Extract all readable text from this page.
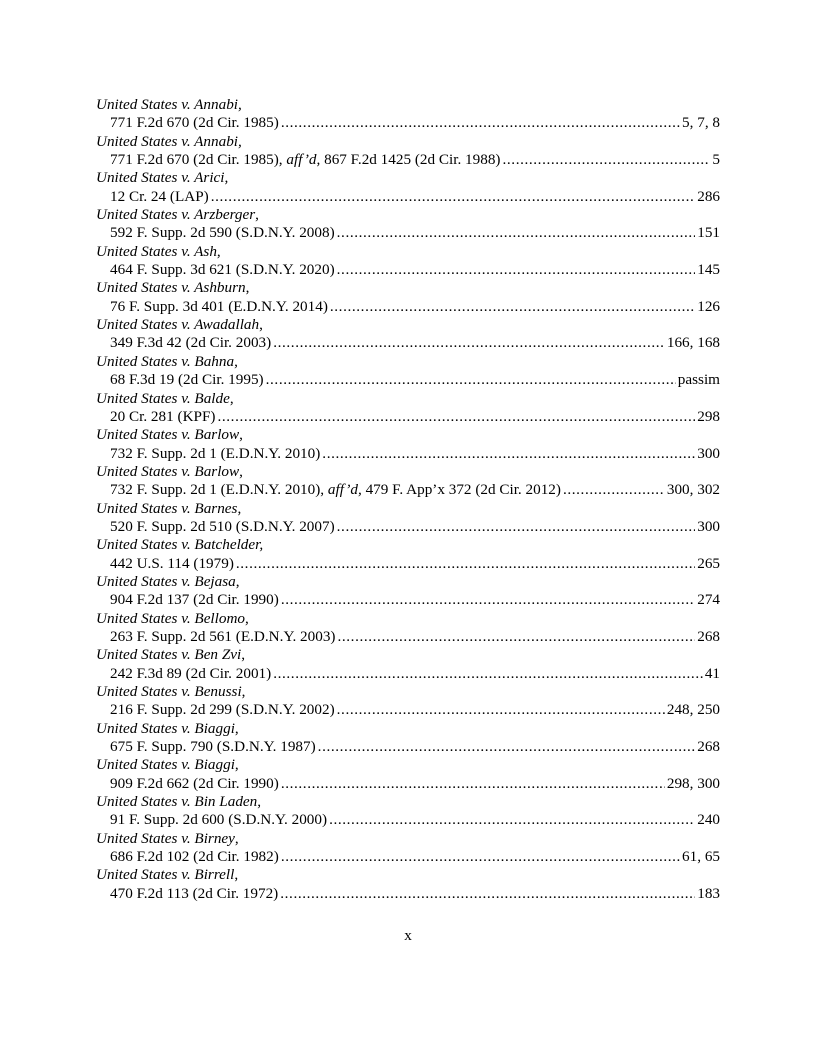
United States v. Annabi,
771 F.2d 670 (2d Cir. 1985) .....	5, 7, 8
United States v. Annabi,
771 F.2d 670 (2d Cir. 1985), aff’d, 867 F.2d 1425 (2d Cir. 1988) .....	5
United States v. Arici,
12 Cr. 24 (LAP) .....	286
United States v. Arzberger,
592 F. Supp. 2d 590 (S.D.N.Y. 2008) .....	151
United States v. Ash,
464 F. Supp. 3d 621 (S.D.N.Y. 2020) .....	145
United States v. Ashburn,
76 F. Supp. 3d 401 (E.D.N.Y. 2014) .....	126
United States v. Awadallah,
349 F.3d 42 (2d Cir. 2003) .....	166, 168
United States v. Bahna,
68 F.3d 19 (2d Cir. 1995) .....	passim
United States v. Balde,
20 Cr. 281 (KPF) .....	298
United States v. Barlow,
732 F. Supp. 2d 1 (E.D.N.Y. 2010) .....	300
United States v. Barlow,
732 F. Supp. 2d 1 (E.D.N.Y. 2010), aff’d, 479 F. App’x 372 (2d Cir. 2012) .....	300, 302
United States v. Barnes,
520 F. Supp. 2d 510 (S.D.N.Y. 2007) .....	300
United States v. Batchelder,
442 U.S. 114 (1979) .....	265
United States v. Bejasa,
904 F.2d 137 (2d Cir. 1990) .....	274
United States v. Bellomo,
263 F. Supp. 2d 561 (E.D.N.Y. 2003) .....	268
United States v. Ben Zvi,
242 F.3d 89 (2d Cir. 2001) .....	41
United States v. Benussi,
216 F. Supp. 2d 299 (S.D.N.Y. 2002) .....	248, 250
United States v. Biaggi,
675 F. Supp. 790 (S.D.N.Y. 1987) .....	268
United States v. Biaggi,
909 F.2d 662 (2d Cir. 1990) .....	298, 300
United States v. Bin Laden,
91 F. Supp. 2d 600 (S.D.N.Y. 2000) .....	240
United States v. Birney,
686 F.2d 102 (2d Cir. 1982) .....	61, 65
United States v. Birrell,
470 F.2d 113 (2d Cir. 1972) .....	183
x
